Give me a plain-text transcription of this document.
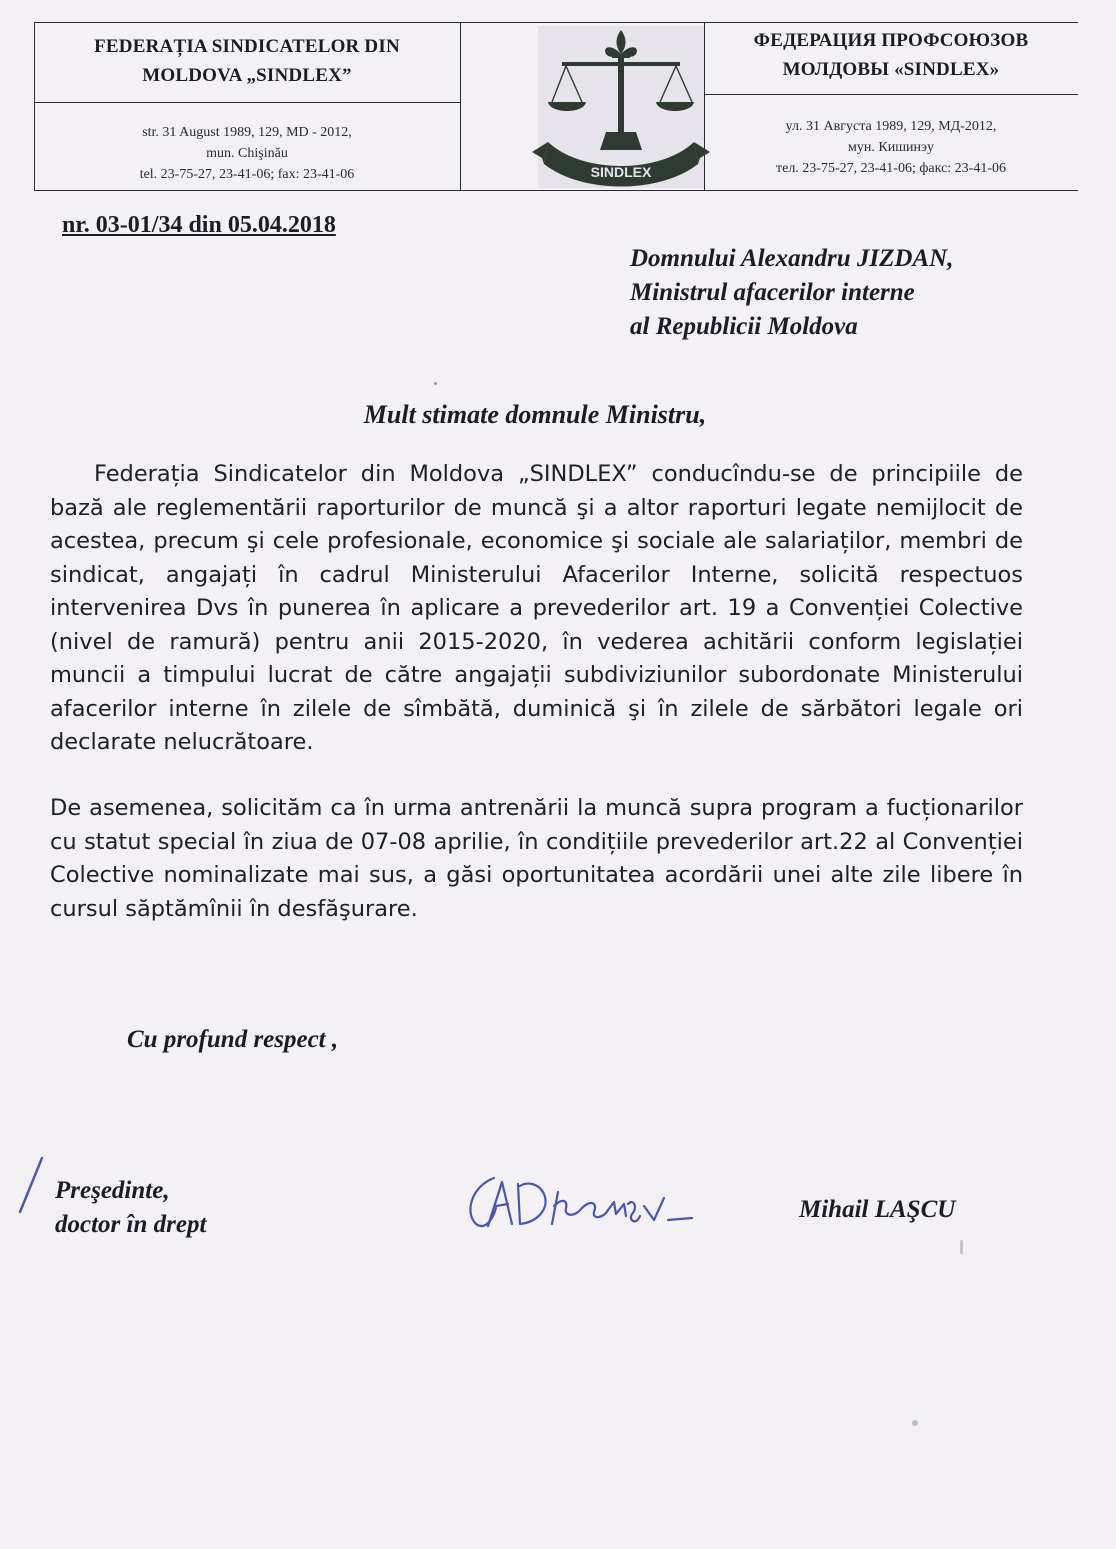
FEDERAȚIA SINDICATELOR DIN
MOLDOVA „SINDLEX”
str. 31 August 1989, 129, MD - 2012,
mun. Chişinău
tel. 23-75-27, 23-41-06; fax: 23-41-06
ФЕДЕРАЦИЯ ПРОФСОЮЗОВ
МОЛДОВЫ «SINDLEX»
ул. 31 Августа 1989, 129, МД-2012,
мун. Кишинэу
тел. 23-75-27, 23-41-06; факс: 23-41-06
SINDLEX
nr. 03-01/34 din 05.04.2018
Domnului Alexandru JIZDAN,
Ministrul afacerilor interne
al Republicii Moldova
Mult stimate domnule Ministru,
Federația Sindicatelor din Moldova „SINDLEX” conducîndu-se de principiile de bază ale reglementării raporturilor de muncă şi a altor raporturi legate nemijlocit de acestea, precum şi cele profesionale, economice şi sociale ale salariaților, membri de sindicat, angajați în cadrul Ministerului Afacerilor Interne, solicită respectuos intervenirea Dvs în punerea în aplicare a prevederilor art. 19 a Convenției Colective (nivel de ramură) pentru anii 2015-2020, în vederea achitării conform legislației muncii a timpului lucrat de către angajații subdiviziunilor subordonate Ministerului afacerilor interne în zilele de sîmbătă, duminică şi în zilele de sărbători legale ori declarate nelucrătoare.
De asemenea, solicităm ca în urma antrenării la muncă supra program a fucționarilor cu statut special în ziua de 07-08 aprilie, în condițiile prevederilor art.22 al Convenției Colective nominalizate mai sus, a găsi oportunitatea acordării unei alte zile libere în cursul săptămînii în desfăşurare.
Cu profund respect ,
Preşedinte,
doctor în drept
Mihail LAŞCU
